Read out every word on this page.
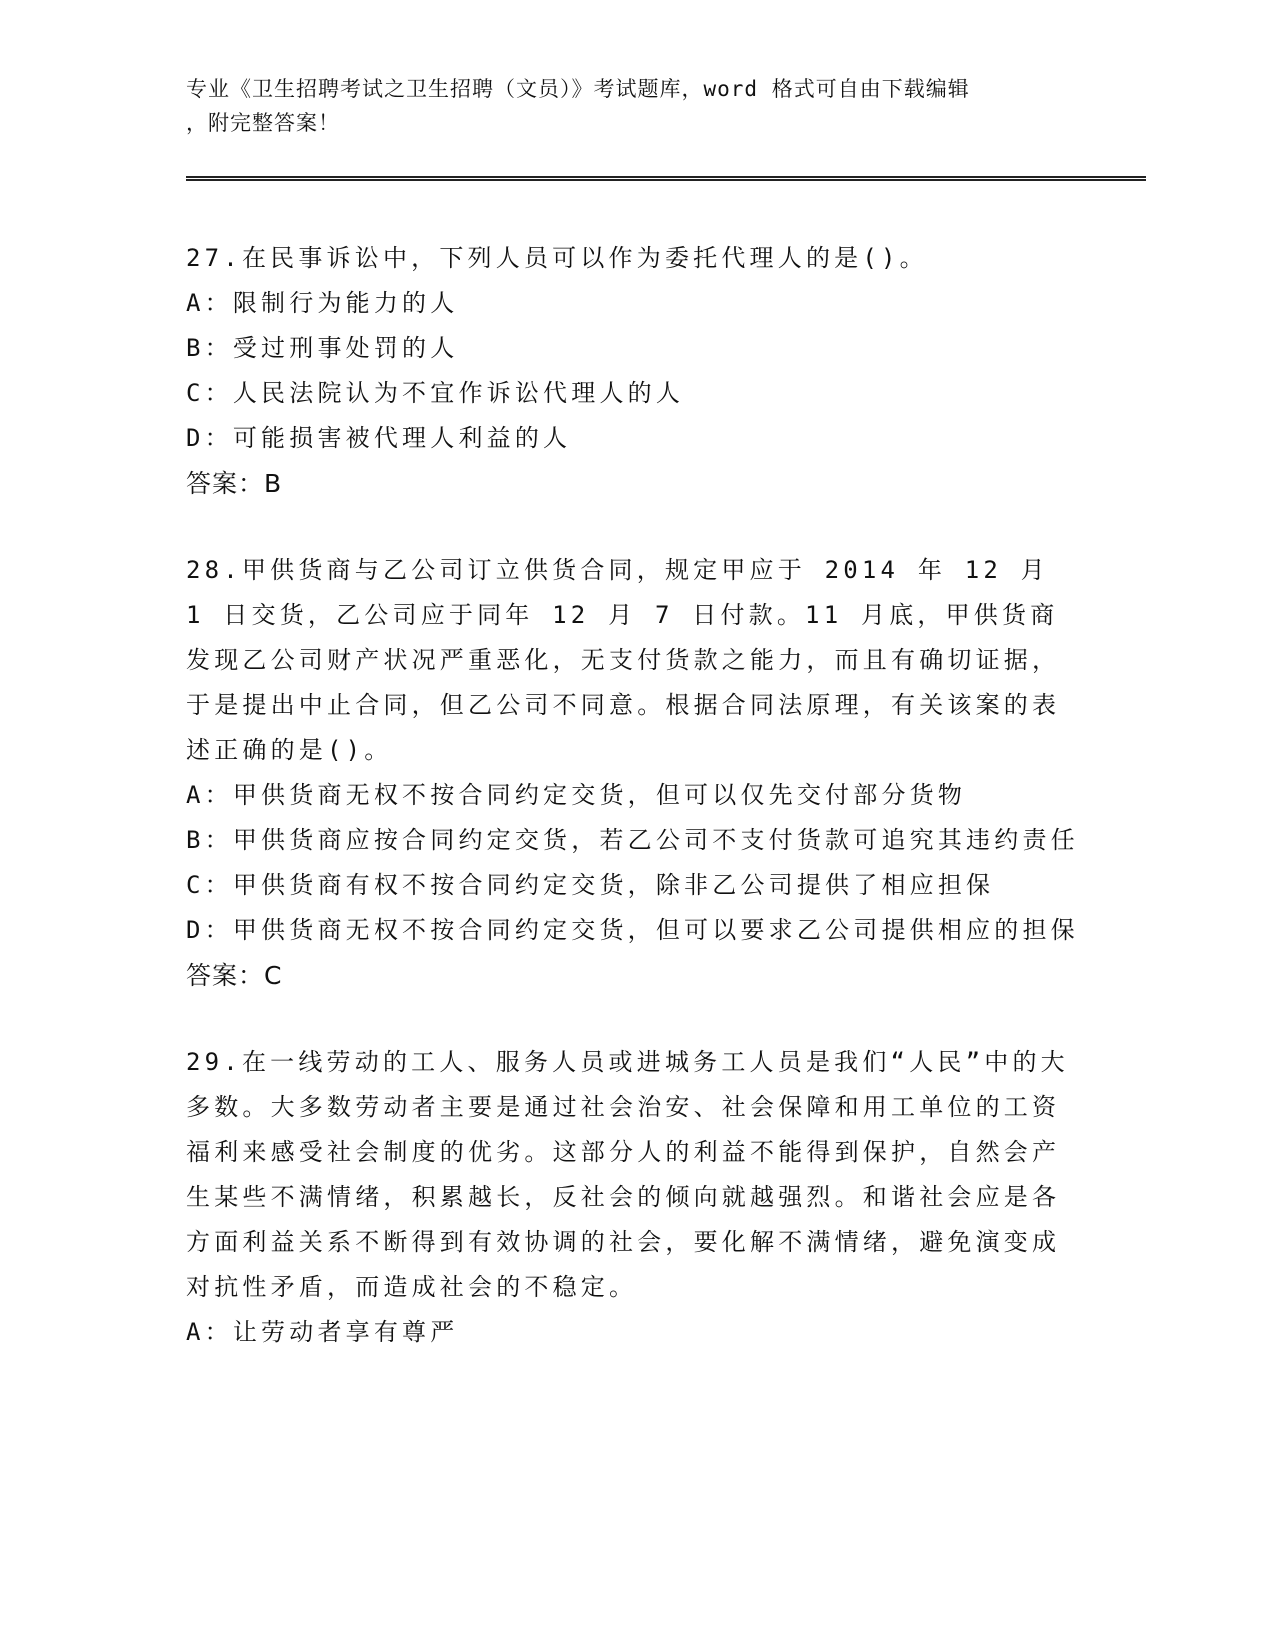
专业《卫生招聘考试之卫生招聘（文员）》考试题库，word 格式可自由下载编辑
，附完整答案！
27.在民事诉讼中，下列人员可以作为委托代理人的是()。
A：限制行为能力的人
B：受过刑事处罚的人
C：人民法院认为不宜作诉讼代理人的人
D：可能损害被代理人利益的人
答案：B
28.甲供货商与乙公司订立供货合同，规定甲应于 2014 年 12 月 1 日交货，乙公司应于同年 12 月 7 日付款。11 月底，甲供货商发现乙公司财产状况严重恶化，无支付货款之能力，而且有确切证据，于是提出中止合同，但乙公司不同意。根据合同法原理，有关该案的表述正确的是()。
A：甲供货商无权不按合同约定交货，但可以仅先交付部分货物
B：甲供货商应按合同约定交货，若乙公司不支付货款可追究其违约责任
C：甲供货商有权不按合同约定交货，除非乙公司提供了相应担保
D：甲供货商无权不按合同约定交货，但可以要求乙公司提供相应的担保
答案：C
29.在一线劳动的工人、服务人员或进城务工人员是我们“人民”中的大多数。大多数劳动者主要是通过社会治安、社会保障和用工单位的工资福利来感受社会制度的优劣。这部分人的利益不能得到保护，自然会产生某些不满情绪，积累越长，反社会的倾向就越强烈。和谐社会应是各方面利益关系不断得到有效协调的社会，要化解不满情绪，避免演变成对抗性矛盾，而造成社会的不稳定。
A：让劳动者享有尊严
